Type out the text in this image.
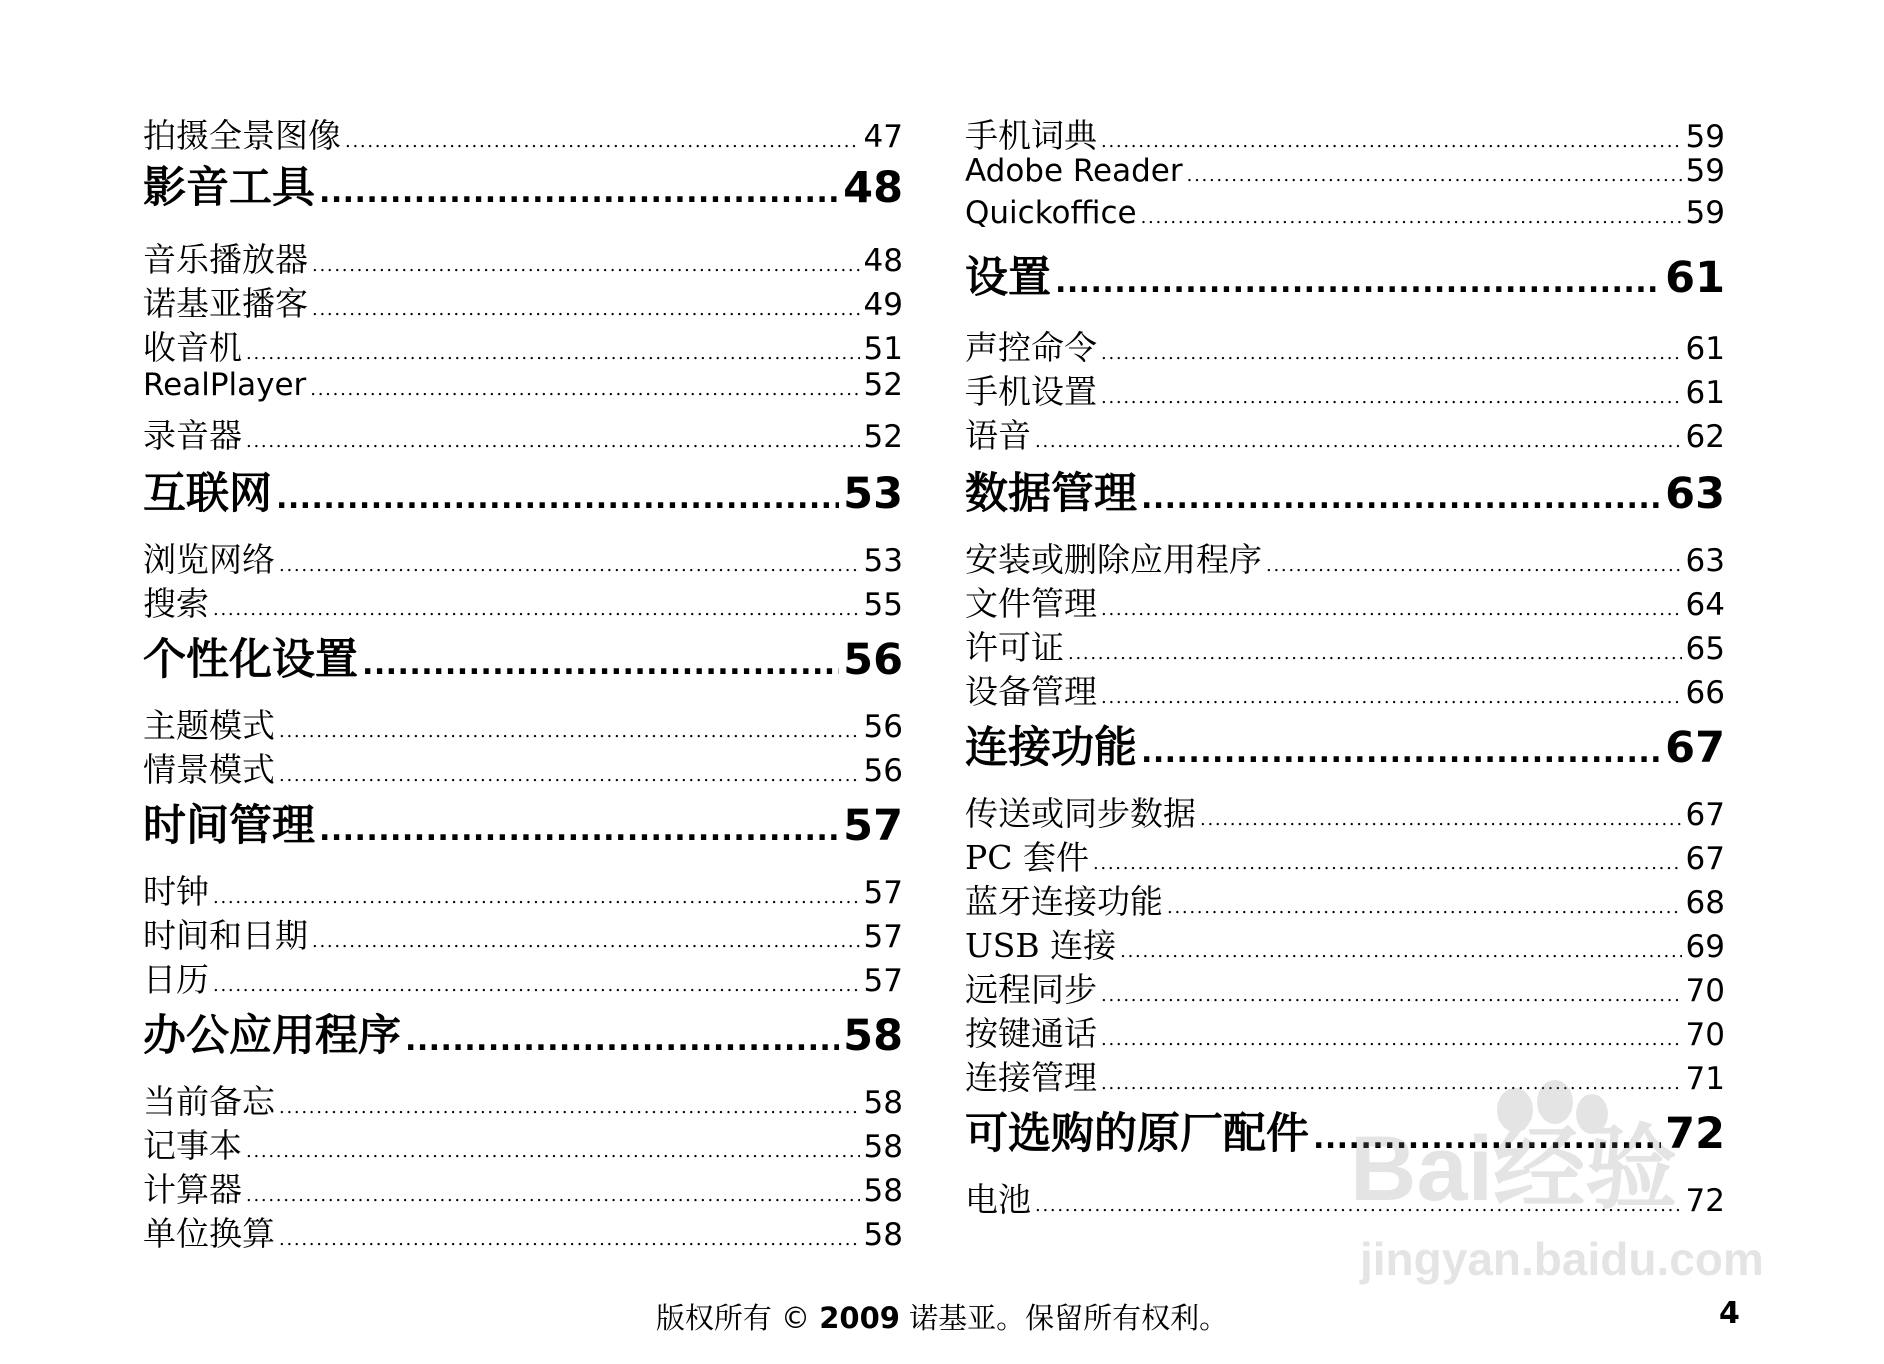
拍摄全景图像 . . .	47
影音工具 . . .	48
音乐播放器 . . .	48
诺基亚播客 . . .	49
收音机 . . .	51
RealPlayer . . .	52
录音器 . . .	52
互联网 . . .	53
浏览网络 . . .	53
搜索 . . .	55
个性化设置 . . .	56
主题模式 . . .	56
情景模式 . . .	56
时间管理 . . .	57
时钟 . . .	57
时间和日期 . . .	57
日历 . . .	57
办公应用程序 . . .	58
当前备忘 . . .	58
记事本 . . .	58
计算器 . . .	58
单位换算 . . .	58
手机词典 . . .	59
Adobe Reader . . .	59
Quickoffice . . .	59
设置 . . .	61
声控命令 . . .	61
手机设置 . . .	61
语音 . . .	62
数据管理 . . .	63
安装或删除应用程序 . . .	63
文件管理 . . .	64
许可证 . . .	65
设备管理 . . .	66
连接功能 . . .	67
传送或同步数据 . . .	67
PC 套件 . . .	67
蓝牙连接功能 . . .	68
USB 连接 . . .	69
远程同步 . . .	70
按键通话 . . .	70
连接管理 . . .	71
可选购的原厂配件 . . .	72
电池 . . .	72
Bai经验
jingyan.baidu.com
版权所有 © 2009 诺基亚。保留所有权利。	4
